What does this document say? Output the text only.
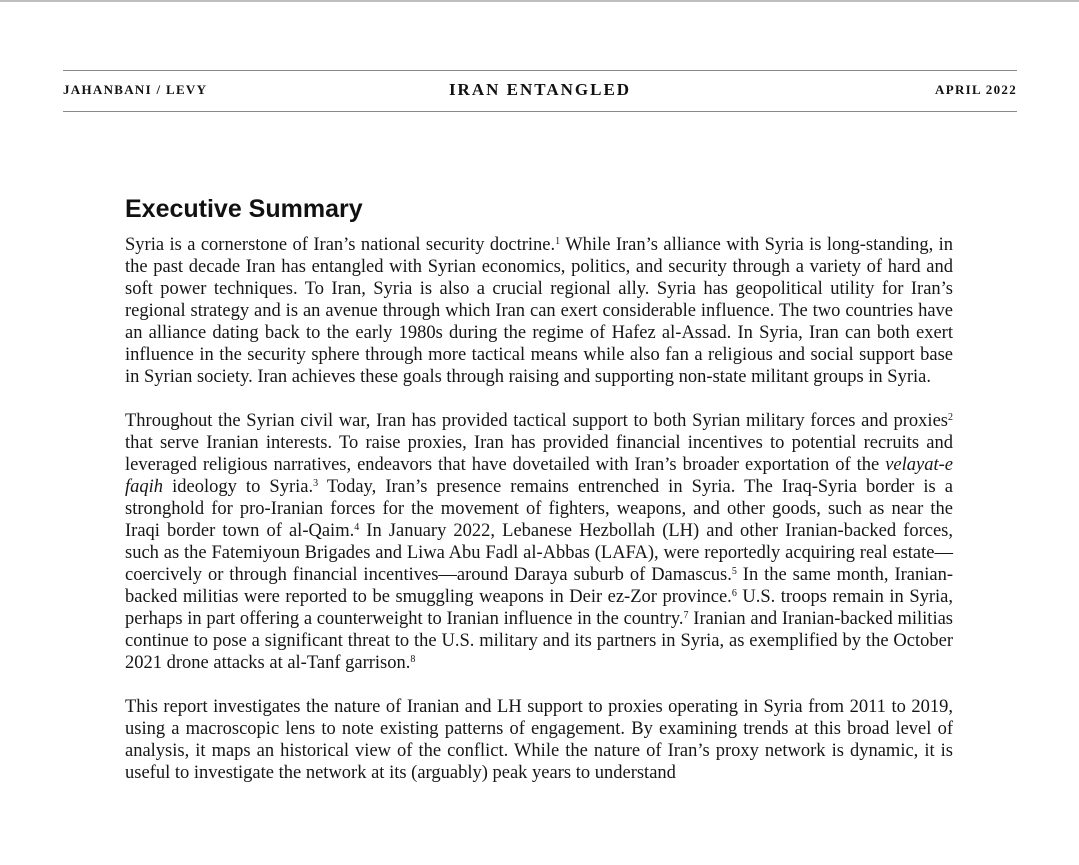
JAHANBANI / LEVY	IRAN ENTANGLED	APRIL 2022
Executive Summary

Syria is a cornerstone of Iran’s national security doctrine.$^1$ While Iran’s alliance with Syria is long-standing, in the past decade Iran has entangled with Syrian economics, politics, and security through a variety of hard and soft power techniques. To Iran, Syria is also a crucial regional ally. Syria has geopolitical utility for Iran’s regional strategy and is an avenue through which Iran can exert considerable influence. The two countries have an alliance dating back to the early 1980s during the regime of Hafez al-Assad. In Syria, Iran can both exert influence in the security sphere through more tactical means while also fan a religious and social support base in Syrian society. Iran achieves these goals through raising and supporting non-state militant groups in Syria.

Throughout the Syrian civil war, Iran has provided tactical support to both Syrian military forces and proxies$^2$ that serve Iranian interests. To raise proxies, Iran has provided financial incentives to potential recruits and leveraged religious narratives, endeavors that have dovetailed with Iran’s broader exportation of the velayat-e faqih ideology to Syria.$^3$ Today, Iran’s presence remains entrenched in Syria. The Iraq-Syria border is a stronghold for pro-Iranian forces for the movement of fighters, weapons, and other goods, such as near the Iraqi border town of al-Qaim.$^4$ In January 2022, Lebanese Hezbollah (LH) and other Iranian-backed forces, such as the Fatemiyoun Brigades and Liwa Abu Fadl al-Abbas (LAFA), were reportedly acquiring real estate—coercively or through financial incentives—around Daraya suburb of Damascus.$^5$ In the same month, Iranian-backed militias were reported to be smuggling weapons in Deir ez-Zor province.$^6$ U.S. troops remain in Syria, perhaps in part offering a counterweight to Iranian influence in the country.$^7$ Iranian and Iranian-backed militias continue to pose a significant threat to the U.S. military and its partners in Syria, as exemplified by the October 2021 drone attacks at al-Tanf garrison.$^8$

This report investigates the nature of Iranian and LH support to proxies operating in Syria from 2011 to 2019, using a macroscopic lens to note existing patterns of engagement. By examining trends at this broad level of analysis, it maps an historical view of the conflict. While the nature of Iran’s proxy network is dynamic, it is useful to investigate the network at its (arguably) peak years to understand
